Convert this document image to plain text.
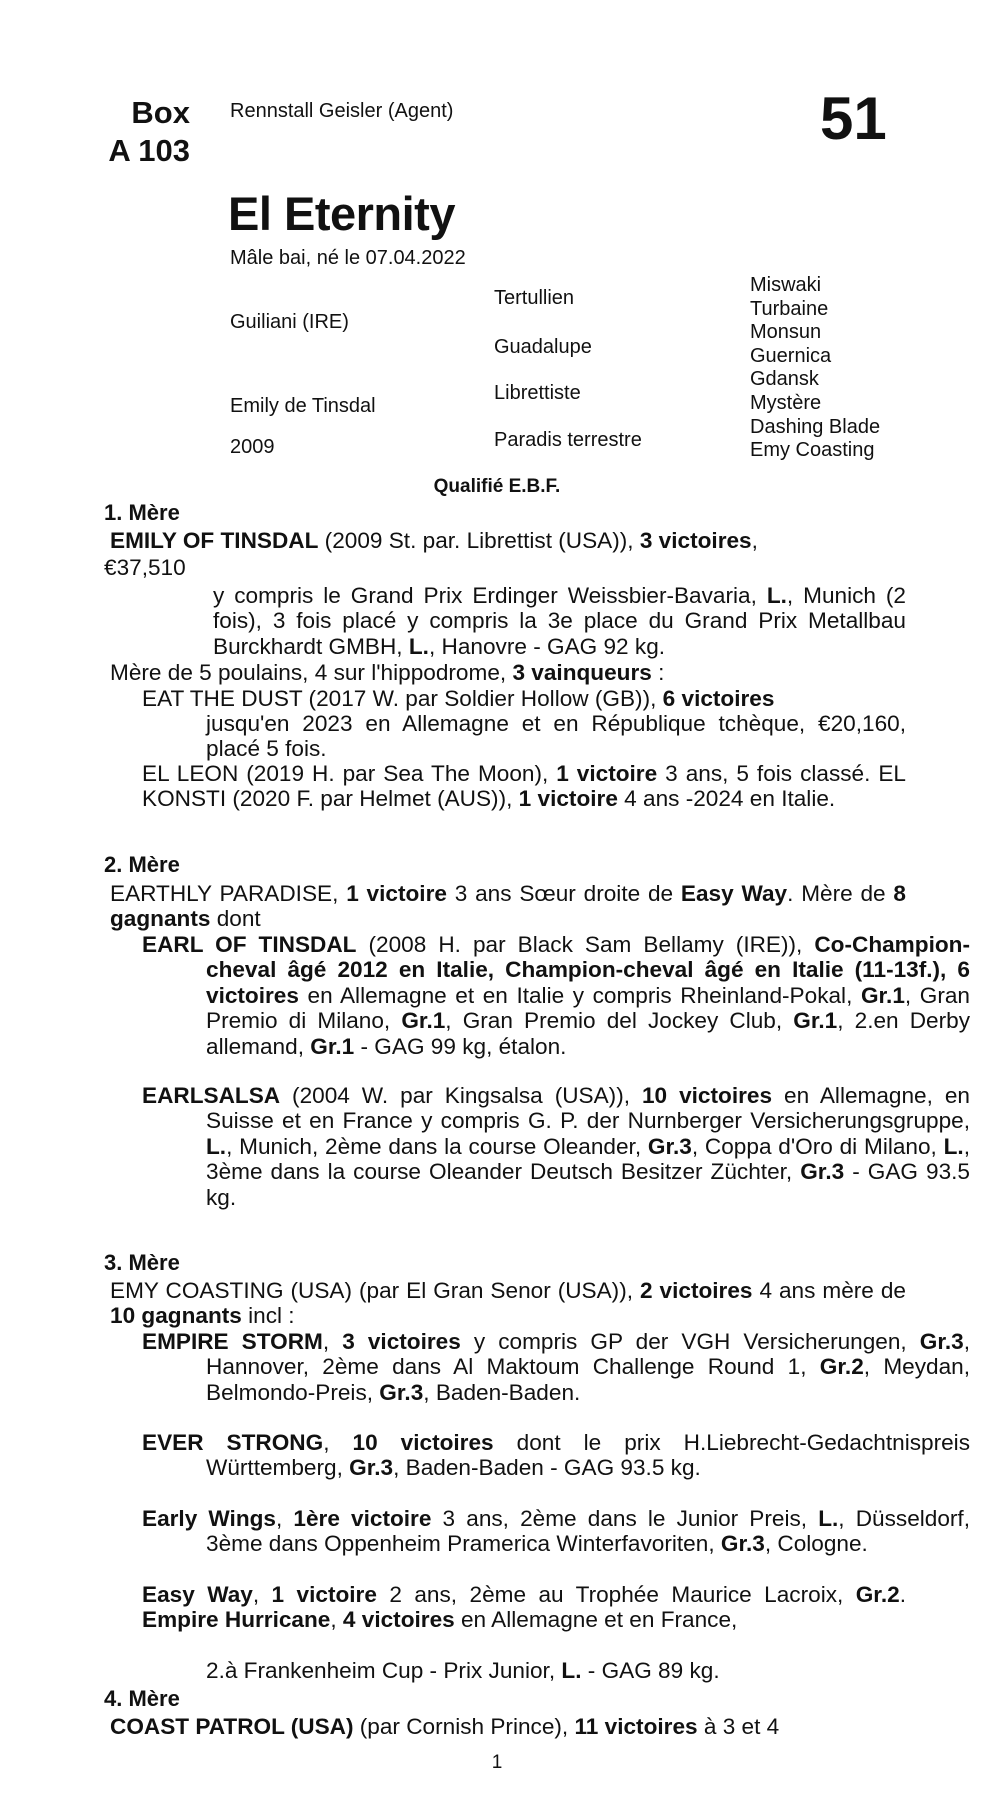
Box
A 103
Rennstall Geisler (Agent)	51
El Eternity
Mâle bai, né le 07.04.2022
Guiliani (IRE)
Emily de Tinsdal
2009
Tertullien
Guadalupe
Librettiste
Paradis terrestre
Miswaki
Turbaine
Monsun
Guernica
Gdansk
Mystère
Dashing Blade
Emy Coasting
Qualifié E.B.F.
1. Mère
EMILY OF TINSDAL (2009 St. par. Librettist (USA)), 3 victoires,
€37,510
y compris le Grand Prix Erdinger Weissbier-Bavaria, L., Munich (2 fois), 3 fois placé y compris la 3e place du Grand Prix Metallbau Burckhardt GMBH, L., Hanovre - GAG 92 kg.
Mère de 5 poulains, 4 sur l'hippodrome, 3 vainqueurs :
EAT THE DUST (2017 W. par Soldier Hollow (GB)), 6 victoires
jusqu'en 2023 en Allemagne et en République tchèque, €20,160, placé 5 fois.
EL LEON (2019 H. par Sea The Moon), 1 victoire 3 ans, 5 fois classé. EL KONSTI (2020 F. par Helmet (AUS)), 1 victoire 4 ans -2024 en Italie.
2. Mère
EARTHLY PARADISE, 1 victoire 3 ans Sœur droite de Easy Way. Mère de 8 gagnants dont
EARL OF TINSDAL (2008 H. par Black Sam Bellamy (IRE)), Co-Champion-cheval âgé 2012 en Italie, Champion-cheval âgé en Italie (11-13f.), 6 victoires en Allemagne et en Italie y compris Rheinland-Pokal, Gr.1, Gran Premio di Milano, Gr.1, Gran Premio del Jockey Club, Gr.1, 2.en Derby allemand, Gr.1 - GAG 99 kg, étalon.
EARLSALSA (2004 W. par Kingsalsa (USA)), 10 victoires en Allemagne, en Suisse et en France y compris G. P. der Nurnberger Versicherungsgruppe, L., Munich, 2ème dans la course Oleander, Gr.3, Coppa d'Oro di Milano, L., 3ème dans la course Oleander Deutsch Besitzer Züchter, Gr.3 - GAG 93.5 kg.
3. Mère
EMY COASTING (USA) (par El Gran Senor (USA)), 2 victoires 4 ans mère de 10 gagnants incl :
EMPIRE STORM, 3 victoires y compris GP der VGH Versicherungen, Gr.3, Hannover, 2ème dans Al Maktoum Challenge Round 1, Gr.2, Meydan, Belmondo-Preis, Gr.3, Baden-Baden.
EVER STRONG, 10 victoires dont le prix H.Liebrecht-Gedachtnispreis Württemberg, Gr.3, Baden-Baden - GAG 93.5 kg.
Early Wings, 1ère victoire 3 ans, 2ème dans le Junior Preis, L., Düsseldorf, 3ème dans Oppenheim Pramerica Winterfavoriten, Gr.3, Cologne.
Easy Way, 1 victoire 2 ans, 2ème au Trophée Maurice Lacroix, Gr.2. Empire Hurricane, 4 victoires en Allemagne et en France,
2.à Frankenheim Cup - Prix Junior, L. - GAG 89 kg.
4. Mère
COAST PATROL (USA) (par Cornish Prince), 11 victoires à 3 et 4
1
